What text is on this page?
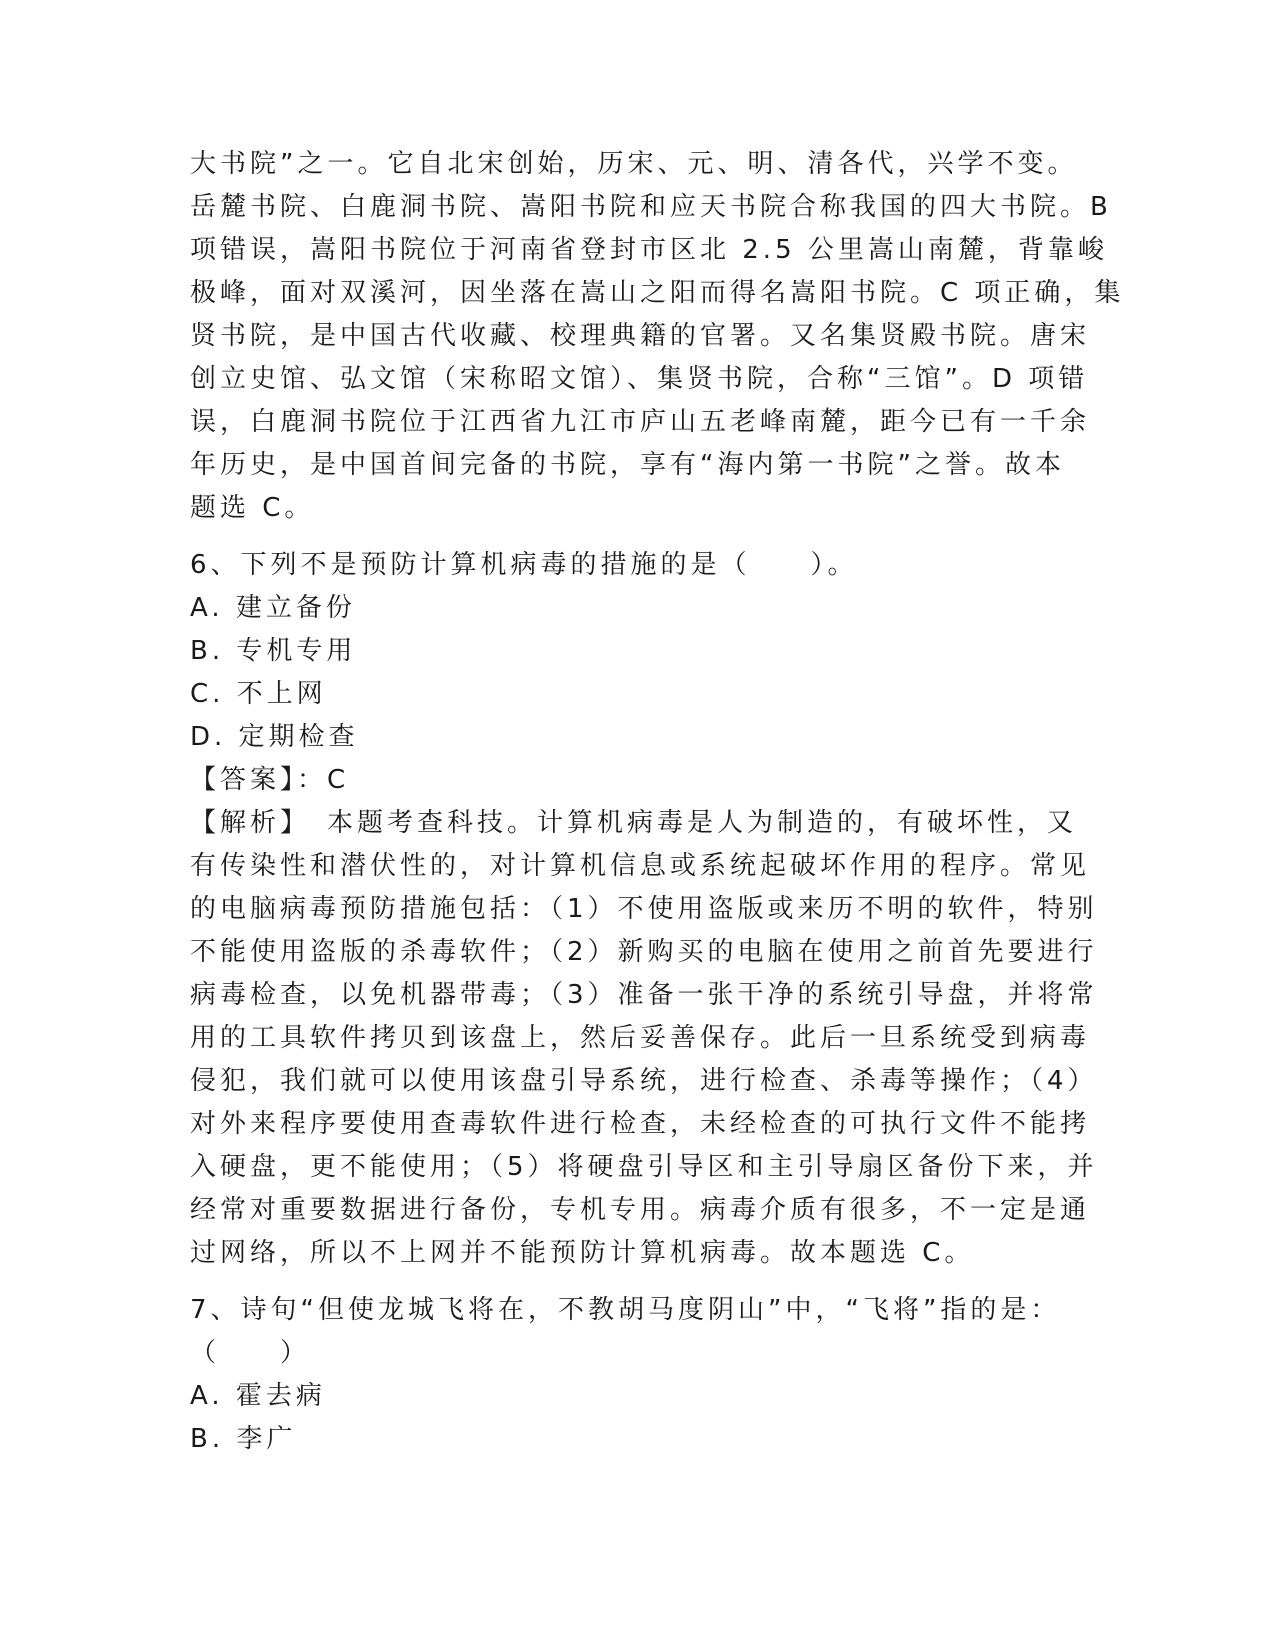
大书院”之一。它自北宋创始，历宋、元、明、清各代，兴学不变。
岳麓书院、白鹿洞书院、嵩阳书院和应天书院合称我国的四大书院。B
项错误，嵩阳书院位于河南省登封市区北 2.5 公里嵩山南麓，背靠峻
极峰，面对双溪河，因坐落在嵩山之阳而得名嵩阳书院。C 项正确，集
贤书院，是中国古代收藏、校理典籍的官署。又名集贤殿书院。唐宋
创立史馆、弘文馆（宋称昭文馆）、集贤书院，合称“三馆”。D 项错
误，白鹿洞书院位于江西省九江市庐山五老峰南麓，距今已有一千余
年历史，是中国首间完备的书院，享有“海内第一书院”之誉。故本
题选 C。
6、下列不是预防计算机病毒的措施的是（　　）。
A. 建立备份
B. 专机专用
C. 不上网
D. 定期检查
【答案】：C
【解析】　本题考查科技。计算机病毒是人为制造的，有破坏性，又
有传染性和潜伏性的，对计算机信息或系统起破坏作用的程序。常见
的电脑病毒预防措施包括：（1）不使用盗版或来历不明的软件，特别
不能使用盗版的杀毒软件；（2）新购买的电脑在使用之前首先要进行
病毒检查，以免机器带毒；（3）准备一张干净的系统引导盘，并将常
用的工具软件拷贝到该盘上，然后妥善保存。此后一旦系统受到病毒
侵犯，我们就可以使用该盘引导系统，进行检查、杀毒等操作；（4）
对外来程序要使用查毒软件进行检查，未经检查的可执行文件不能拷
入硬盘，更不能使用；（5）将硬盘引导区和主引导扇区备份下来，并
经常对重要数据进行备份，专机专用。病毒介质有很多，不一定是通
过网络，所以不上网并不能预防计算机病毒。故本题选 C。
7、诗句“但使龙城飞将在，不教胡马度阴山”中，“飞将”指的是：
（　　）
A. 霍去病
B. 李广
